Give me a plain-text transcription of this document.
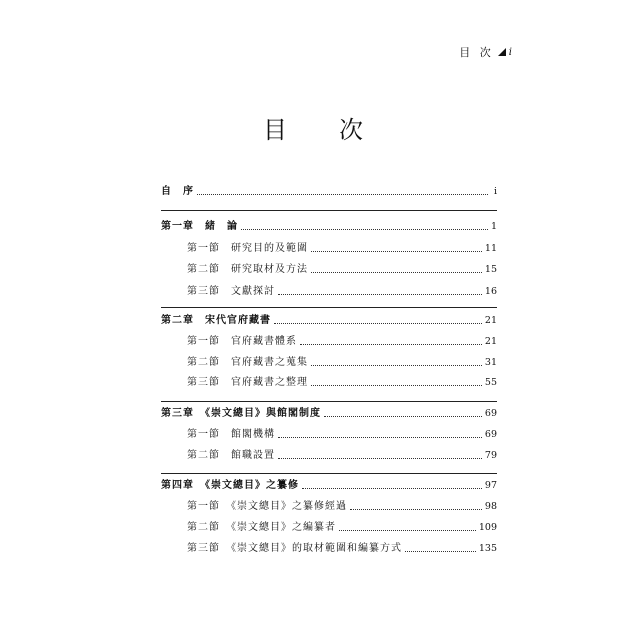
目 次 i
目　次
自　序	i
第一章　緒　論	1
第一節　研究目的及範圍	11
第二節　研究取材及方法	15
第三節　文獻探討	16
第二章　宋代官府藏書	21
第一節　官府藏書體系	21
第二節　官府藏書之蒐集	31
第三節　官府藏書之整理	55
第三章　《崇文總目》與館閣制度	69
第一節　館閣機構	69
第二節　館職設置	79
第四章　《崇文總目》之纂修	97
第一節　《崇文總目》之纂修經過	98
第二節　《崇文總目》之編纂者	109
第三節　《崇文總目》的取材範圍和編纂方式	135
